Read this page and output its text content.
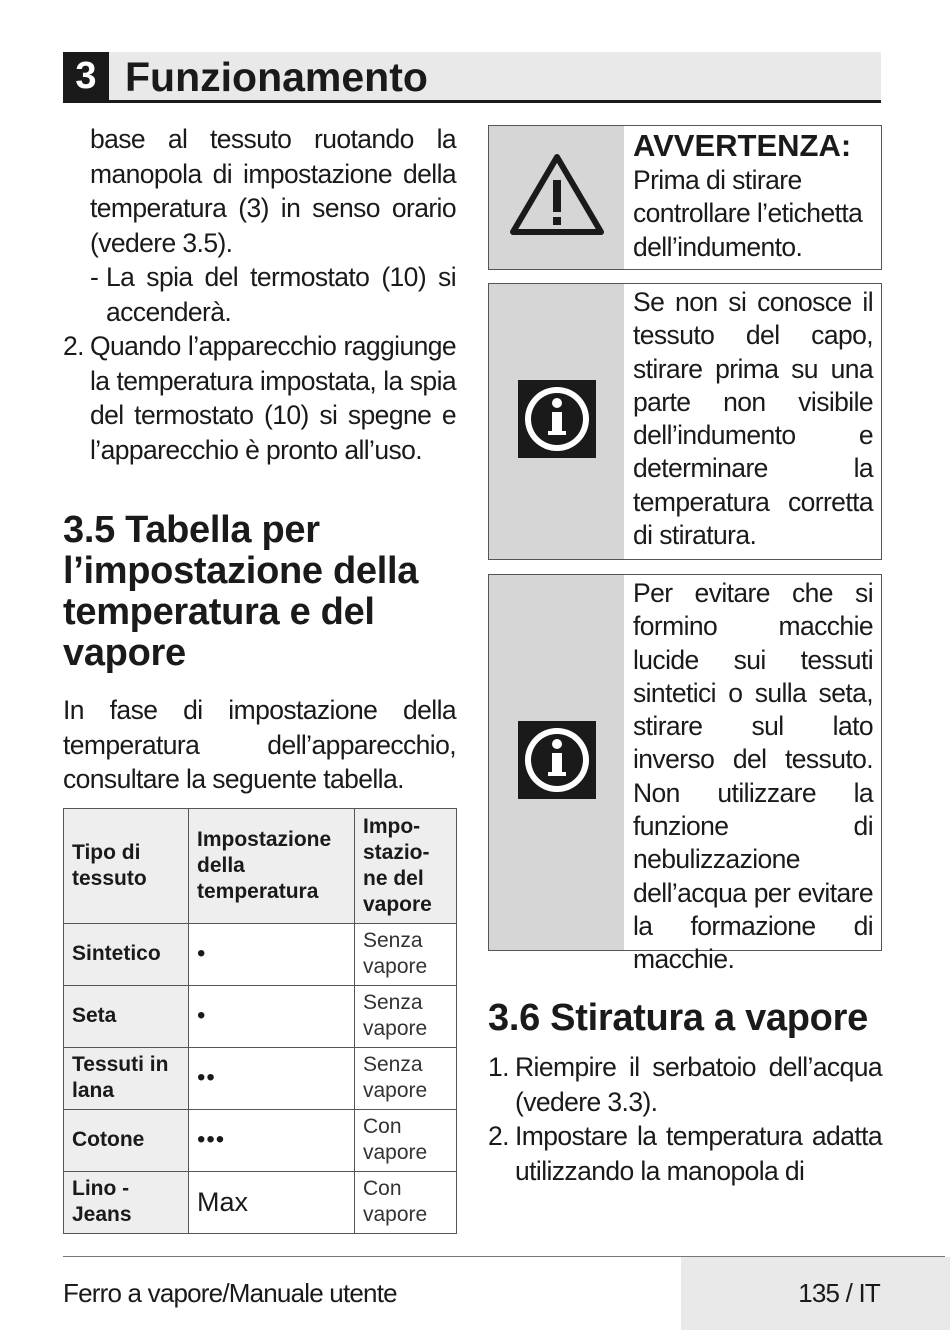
3 Funzionamento

base al tessuto ruotando la manopola di impostazione della temperatura (3) in senso orario (vedere 3.5).

- La spia del termostato (10) si accenderà.
2. Quando l’apparecchio raggiunge la temperatura impostata, la spia del termostato (10) si spegne e l’apparecchio è pronto all’uso.
3.5 Tabella per l’impostazione della temperatura e del vapore

In fase di impostazione della temperatura dell’apparecchio, consultare la seguente tabella.

Tipo di tessuto	Impostazione della temperatura	Impo-stazio-ne del vapore
Sintetico	•	Senza vapore
Seta	•	Senza vapore
Tessuti in lana	••	Senza vapore
Cotone	•••	Con vapore
Lino - Jeans	Max	Con vapore
AVVERTENZA:
Prima di stirare controllare l’etichetta dell’indumento.
Se non si conosce il tessuto del capo, stirare prima su una parte non visibile dell’indumento e determinare la temperatura corretta di stiratura.
Per evitare che si formino macchie lucide sui tessuti sintetici o sulla seta, stirare sul lato inverso del tessuto. Non utilizzare la funzione di nebulizzazione dell’acqua per evitare la formazione di macchie.
3.6 Stiratura a vapore
1. Riempire il serbatoio dell’acqua (vedere 3.3).
2. Impostare la temperatura adatta utilizzando la manopola di
Ferro a vapore/Manuale utente	135 / IT
